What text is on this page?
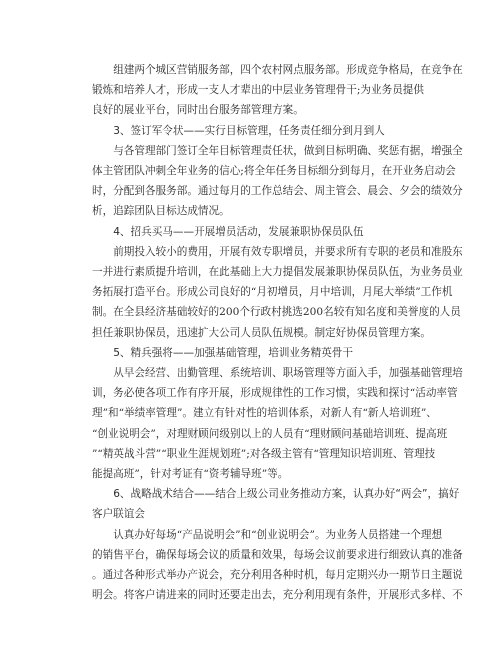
组建两个城区营销服务部，四个农村网点服务部。形成竞争格局，在竞争在
锻炼和培养人才，形成一支人才辈出的中层业务管理骨干;为业务员提供
良好的展业平台，同时出台服务部管理方案。

3、签订军令状——实行目标管理，任务责任细分到月到人

与各管理部门签订全年目标管理责任状，做到目标明确、奖惩有据，增强全
体主管团队冲刺全年业务的信心;将全年任务目标细分到每月，在开业务启动会
时，分配到各服务部。通过每月的工作总结会、周主管会、晨会、夕会的绩效分
析，追踪团队目标达成情况。

4、招兵买马——开展增员活动，发展兼职协保员队伍

前期投入较小的费用，开展有效专职增员，并要求所有专职的老员和准股东
一并进行素质提升培训，在此基础上大力提倡发展兼职协保员队伍，为业务员业
务拓展打造平台。形成公司良好的“月初增员，月中培训，月尾大举绩”工作机
制。在全县经济基础较好的200个行政村挑选200名较有知名度和美誉度的人员
担任兼职协保员，迅速扩大公司人员队伍规模。制定好协保员管理方案。

5、精兵强将——加强基础管理，培训业务精英骨干

从早会经营、出勤管理、系统培训、职场管理等方面入手，加强基础管理培
训，务必使各项工作有序开展，形成规律性的工作习惯，实践和探讨“活动率管
理”和“举绩率管理”。建立有针对性的培训体系，对新人有“新人培训班”、
“创业说明会”，对理财顾问级别以上的人员有“理财顾问基础培训班、提高班
”“精英战斗营”“职业生涯规划班”;对各级主管有“管理知识培训班、管理技
能提高班”，针对考证有“资考辅导班”等。

6、战略战术结合——结合上级公司业务推动方案，认真办好“两会”，搞好
客户联谊会

认真办好每场“产品说明会”和“创业说明会”。为业务人员搭建一个理想
的销售平台，确保每场会议的质量和效果，每场会议前要求进行细致认真的准备
。通过各种形式举办产说会，充分利用各种时机，每月定期兴办一期节日主题说
明会。将客户请进来的同时还要走出去，充分利用现有条件，开展形式多样、不
